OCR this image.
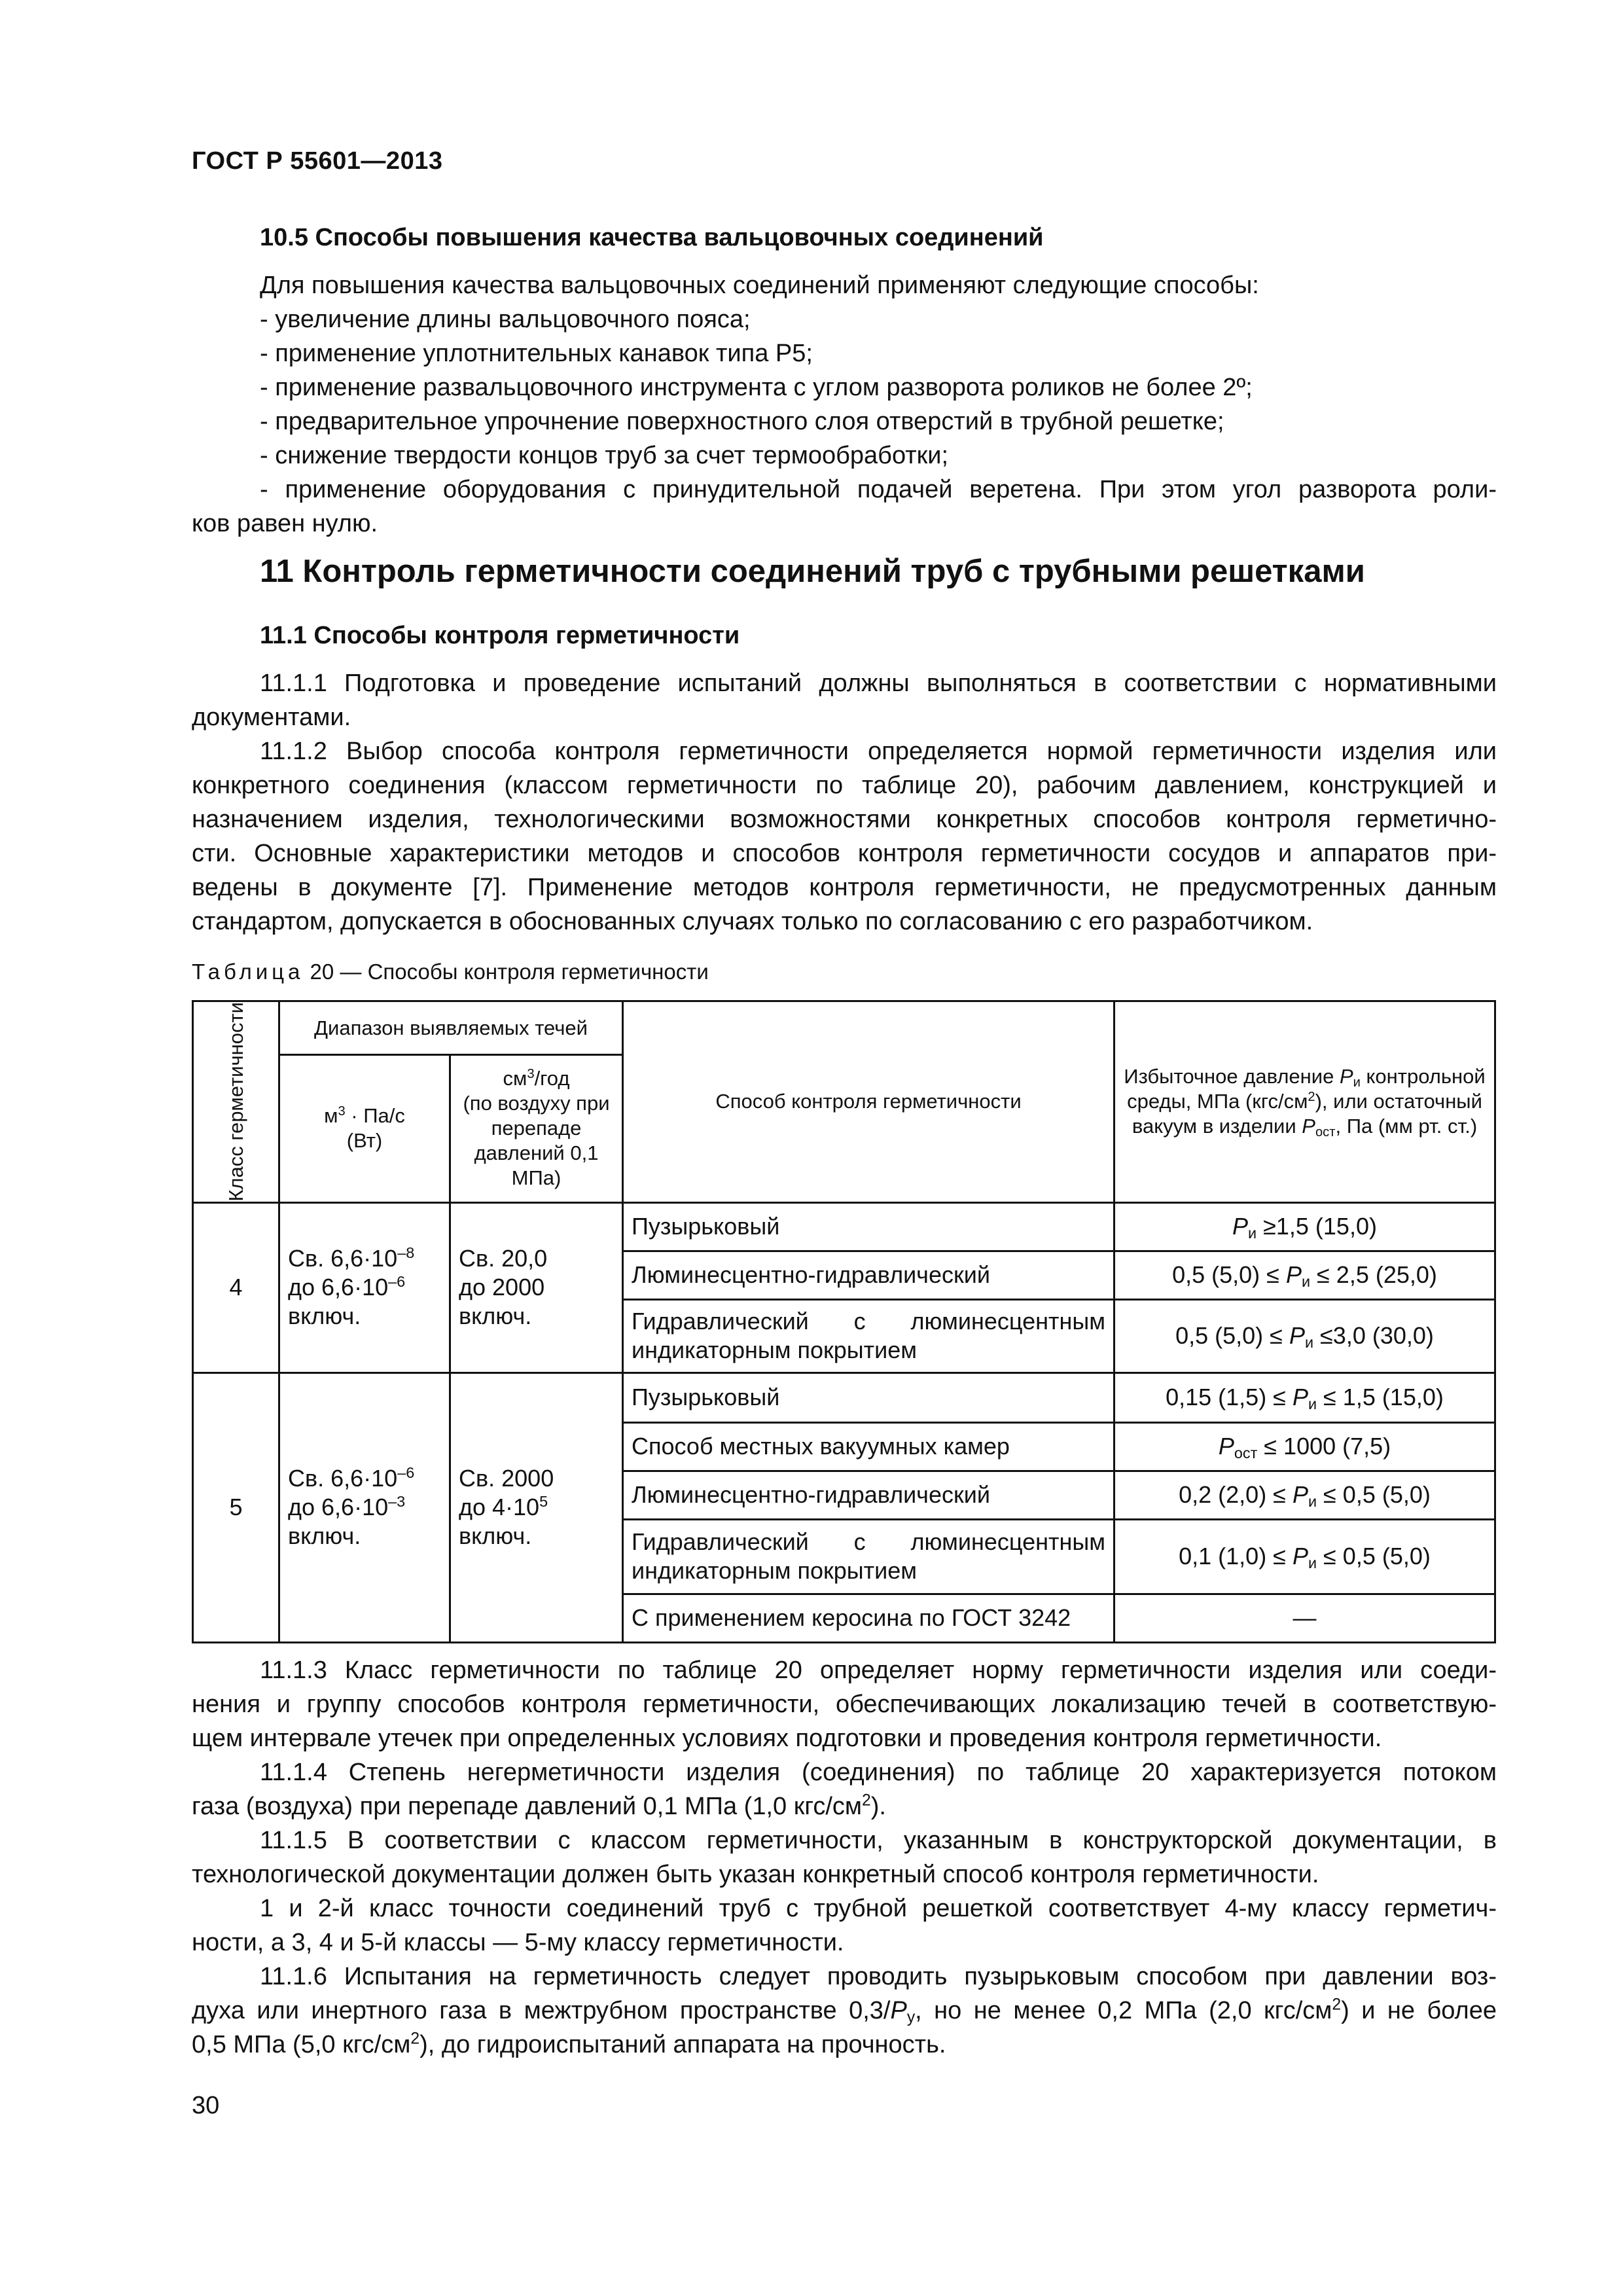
ГОСТ Р 55601—2013
10.5 Способы повышения качества вальцовочных соединений
Для повышения качества вальцовочных соединений применяют следующие способы:
- увеличение длины вальцовочного пояса;
- применение уплотнительных канавок типа Р5;
- применение развальцовочного инструмента с углом разворота роликов не более 2º;
- предварительное упрочнение поверхностного слоя отверстий в трубной решетке;
- снижение твердости концов труб за счет термообработки;
- применение оборудования с принудительной подачей веретена. При этом угол разворота роли-
ков равен нулю.
11 Контроль герметичности соединений труб с трубными решетками
11.1 Способы контроля герметичности
11.1.1 Подготовка и проведение испытаний должны выполняться в соответствии с нормативными
документами.
11.1.2 Выбор способа контроля герметичности определяется нормой герметичности изделия или
конкретного соединения (классом герметичности по таблице 20), рабочим давлением, конструкцией и
назначением изделия, технологическими возможностями конкретных способов контроля герметично-
сти. Основные характеристики методов и способов контроля герметичности сосудов и аппаратов при-
ведены в документе [7]. Применение методов контроля герметичности, не предусмотренных данным
стандартом, допускается в обоснованных случаях только по согласованию с его разработчиком.
Таблица 20 — Способы контроля герметичности
Класс герметичности	Диапазон выявляемых течей		Способ контроля герметичности	Избыточное давление $P_и$ контрольной среды, МПа $(кгс/см^2)$, или остаточный вакуум в изделии $P_{ост}$, Па (мм рт. ст.)
	$м^3 \cdot Па/с$
(Вт)	$см^3$/год
(по воздуху при перепаде давлений 0,1 МПа)		
4	Св. $6,6\cdot 10^{-8}$
до $6,6\cdot 10^{-6}$
включ.	Св. 20,0
до 2000
включ.	Пузырьковый	$P_и \ge 1,5$ (15,0)
			Люминесцентно-гидравлический	0,5 $(5,0) \le P_и \le 2,5$ (25,0)
			Гидравлический с люминесцентным индикаторным покрытием	0,5 $(5,0) \le P_и \le 3,0$ (30,0)
5	Св. $6,6\cdot 10^{-6}$
до $6,6\cdot 10^{-3}$
включ.	Св. 2000
до $4\cdot 10^5$
включ.	Пузырьковый	0,15 $(1,5) \le P_и \le 1,5$ (15,0)
			Способ местных вакуумных камер	$P_{ост} \le 1000$ (7,5)
			Люминесцентно-гидравлический	0,2 $(2,0) \le P_и \le 0,5$ (5,0)
			Гидравлический с люминесцентным индикаторным покрытием	0,1 $(1,0) \le P_и \le 0,5$ (5,0)
			С применением керосина по ГОСТ 3242	—
11.1.3 Класс герметичности по таблице 20 определяет норму герметичности изделия или соеди-
нения и группу способов контроля герметичности, обеспечивающих локализацию течей в соответствую-
щем интервале утечек при определенных условиях подготовки и проведения контроля герметичности.
11.1.4 Степень негерметичности изделия (соединения) по таблице 20 характеризуется потоком
газа (воздуха) при перепаде давлений 0,1 МПа (1,0 кгс/$см^2$).
11.1.5 В соответствии с классом герметичности, указанным в конструкторской документации, в
технологической документации должен быть указан конкретный способ контроля герметичности.
1 и 2-й класс точности соединений труб с трубной решеткой соответствует 4-му классу герметич-
ности, а 3, 4 и 5-й классы — 5-му классу герметичности.
11.1.6 Испытания на герметичность следует проводить пузырьковым способом при давлении воз-
духа или инертного газа в межтрубном пространстве $0,3/P_у$, но не менее 0,2 МПа (2,0 кгс/$см^2$) и не более
0,5 МПа (5,0 кгс/$см^2$), до гидроиспытаний аппарата на прочность.
30
